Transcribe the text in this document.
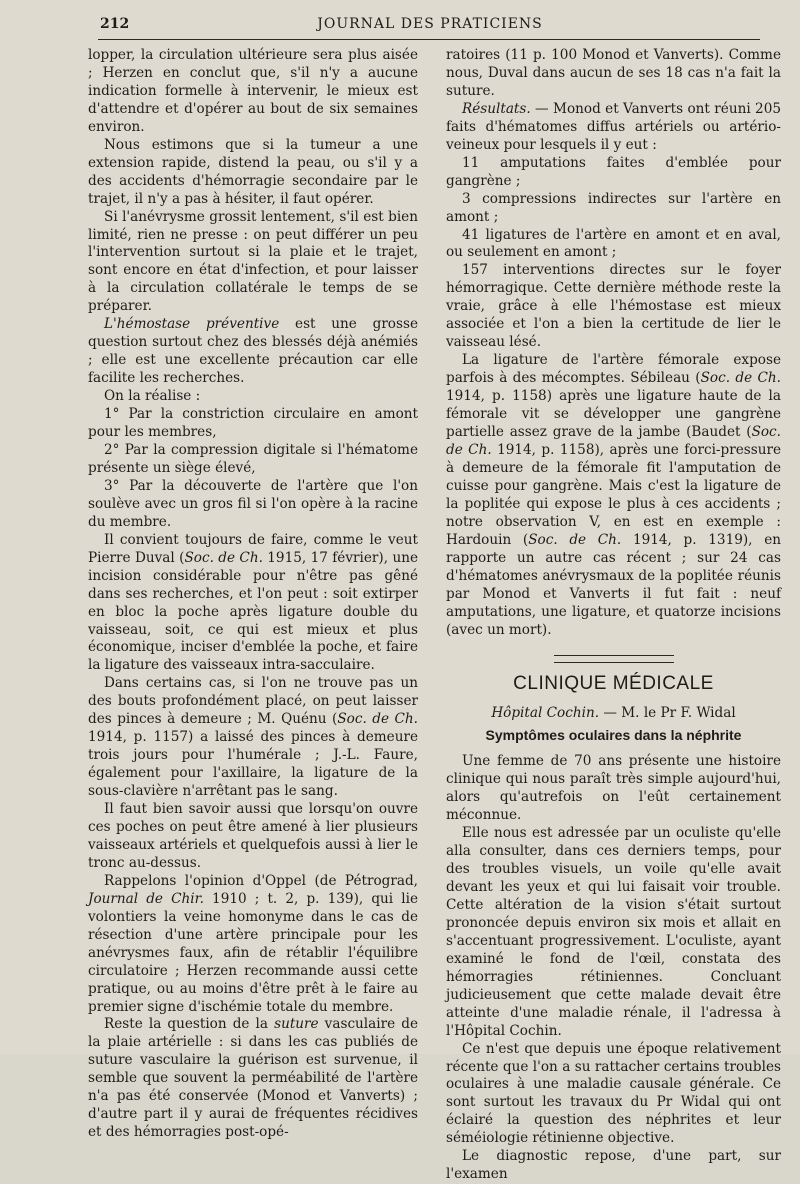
212	JOURNAL DES PRATICIENS

lopper, la circulation ultérieure sera plus aisée ; Herzen en conclut que, s'il n'y a aucune indication formelle à intervenir, le mieux est d'attendre et d'opérer au bout de six semaines environ.

Nous estimons que si la tumeur a une extension rapide, distend la peau, ou s'il y a des accidents d'hémorragie secondaire par le trajet, il n'y a pas à hésiter, il faut opérer.

Si l'anévrysme grossit lentement, s'il est bien limité, rien ne presse : on peut différer un peu l'intervention surtout si la plaie et le trajet, sont encore en état d'infection, et pour laisser à la circulation collatérale le temps de se préparer.

L'hémostase préventive est une grosse question surtout chez des blessés déjà anémiés ; elle est une excellente précaution car elle facilite les recherches.

On la réalise :

1° Par la constriction circulaire en amont pour les membres,

2° Par la compression digitale si l'hématome présente un siège élevé,

3° Par la découverte de l'artère que l'on soulève avec un gros fil si l'on opère à la racine du membre.

Il convient toujours de faire, comme le veut Pierre Duval (Soc. de Ch. 1915, 17 février), une incision considérable pour n'être pas gêné dans ses recherches, et l'on peut : soit extirper en bloc la poche après ligature double du vaisseau, soit, ce qui est mieux et plus économique, inciser d'emblée la poche, et faire la ligature des vaisseaux intra-sacculaire.

Dans certains cas, si l'on ne trouve pas un des bouts profondément placé, on peut laisser des pinces à demeure ; M. Quénu (Soc. de Ch. 1914, p. 1157) a laissé des pinces à demeure trois jours pour l'humérale ; J.-L. Faure, également pour l'axillaire, la ligature de la sous-clavière n'arrêtant pas le sang.

Il faut bien savoir aussi que lorsqu'on ouvre ces poches on peut être amené à lier plusieurs vaisseaux artériels et quelquefois aussi à lier le tronc au-dessus.

Rappelons l'opinion d'Oppel (de Pétrograd, Journal de Chir. 1910 ; t. 2, p. 139), qui lie volontiers la veine homonyme dans le cas de résection d'une artère principale pour les anévrysmes faux, afin de rétablir l'équilibre circulatoire ; Herzen recommande aussi cette pratique, ou au moins d'être prêt à le faire au premier signe d'ischémie totale du membre.

Reste la question de la suture vasculaire de la plaie artérielle : si dans les cas publiés de suture vasculaire la guérison est survenue, il semble que souvent la perméabilité de l'artère n'a pas été conservée (Monod et Vanverts) ; d'autre part il y aurai de fréquentes récidives et des hémorragies post-opé-

ratoires (11 p. 100 Monod et Vanverts). Comme nous, Duval dans aucun de ses 18 cas n'a fait la suture.

Résultats. — Monod et Vanverts ont réuni 205 faits d'hématomes diffus artériels ou artério-veineux pour lesquels il y eut :

11 amputations faites d'emblée pour gangrène ;

3 compressions indirectes sur l'artère en amont ;

41 ligatures de l'artère en amont et en aval, ou seulement en amont ;

157 interventions directes sur le foyer hémorragique. Cette dernière méthode reste la vraie, grâce à elle l'hémostase est mieux associée et l'on a bien la certitude de lier le vaisseau lésé.

La ligature de l'artère fémorale expose parfois à des mécomptes. Sébileau (Soc. de Ch. 1914, p. 1158) après une ligature haute de la fémorale vit se développer une gangrène partielle assez grave de la jambe (Baudet (Soc. de Ch. 1914, p. 1158), après une forci-pressure à demeure de la fémorale fit l'amputation de cuisse pour gangrène. Mais c'est la ligature de la poplitée qui expose le plus à ces accidents ; notre observation V, en est en exemple : Hardouin (Soc. de Ch. 1914, p. 1319), en rapporte un autre cas récent ; sur 24 cas d'hématomes anévrysmaux de la poplitée réunis par Monod et Vanverts il fut fait : neuf amputations, une ligature, et quatorze incisions (avec un mort).

CLINIQUE MÉDICALE

Hôpital Cochin. — M. le Pr F. Widal

Symptômes oculaires dans la néphrite

Une femme de 70 ans présente une histoire clinique qui nous paraît très simple aujourd'hui, alors qu'autrefois on l'eût certainement méconnue.

Elle nous est adressée par un oculiste qu'elle alla consulter, dans ces derniers temps, pour des troubles visuels, un voile qu'elle avait devant les yeux et qui lui faisait voir trouble. Cette altération de la vision s'était surtout prononcée depuis environ six mois et allait en s'accentuant progressivement. L'oculiste, ayant examiné le fond de l'œil, constata des hémorragies rétiniennes. Concluant judicieusement que cette malade devait être atteinte d'une maladie rénale, il l'adressa à l'Hôpital Cochin.

Ce n'est que depuis une époque relativement récente que l'on a su rattacher certains troubles oculaires à une maladie causale générale. Ce sont surtout les travaux du Pr Widal qui ont éclairé la question des néphrites et leur séméiologie rétinienne objective.

Le diagnostic repose, d'une part, sur l'examen
